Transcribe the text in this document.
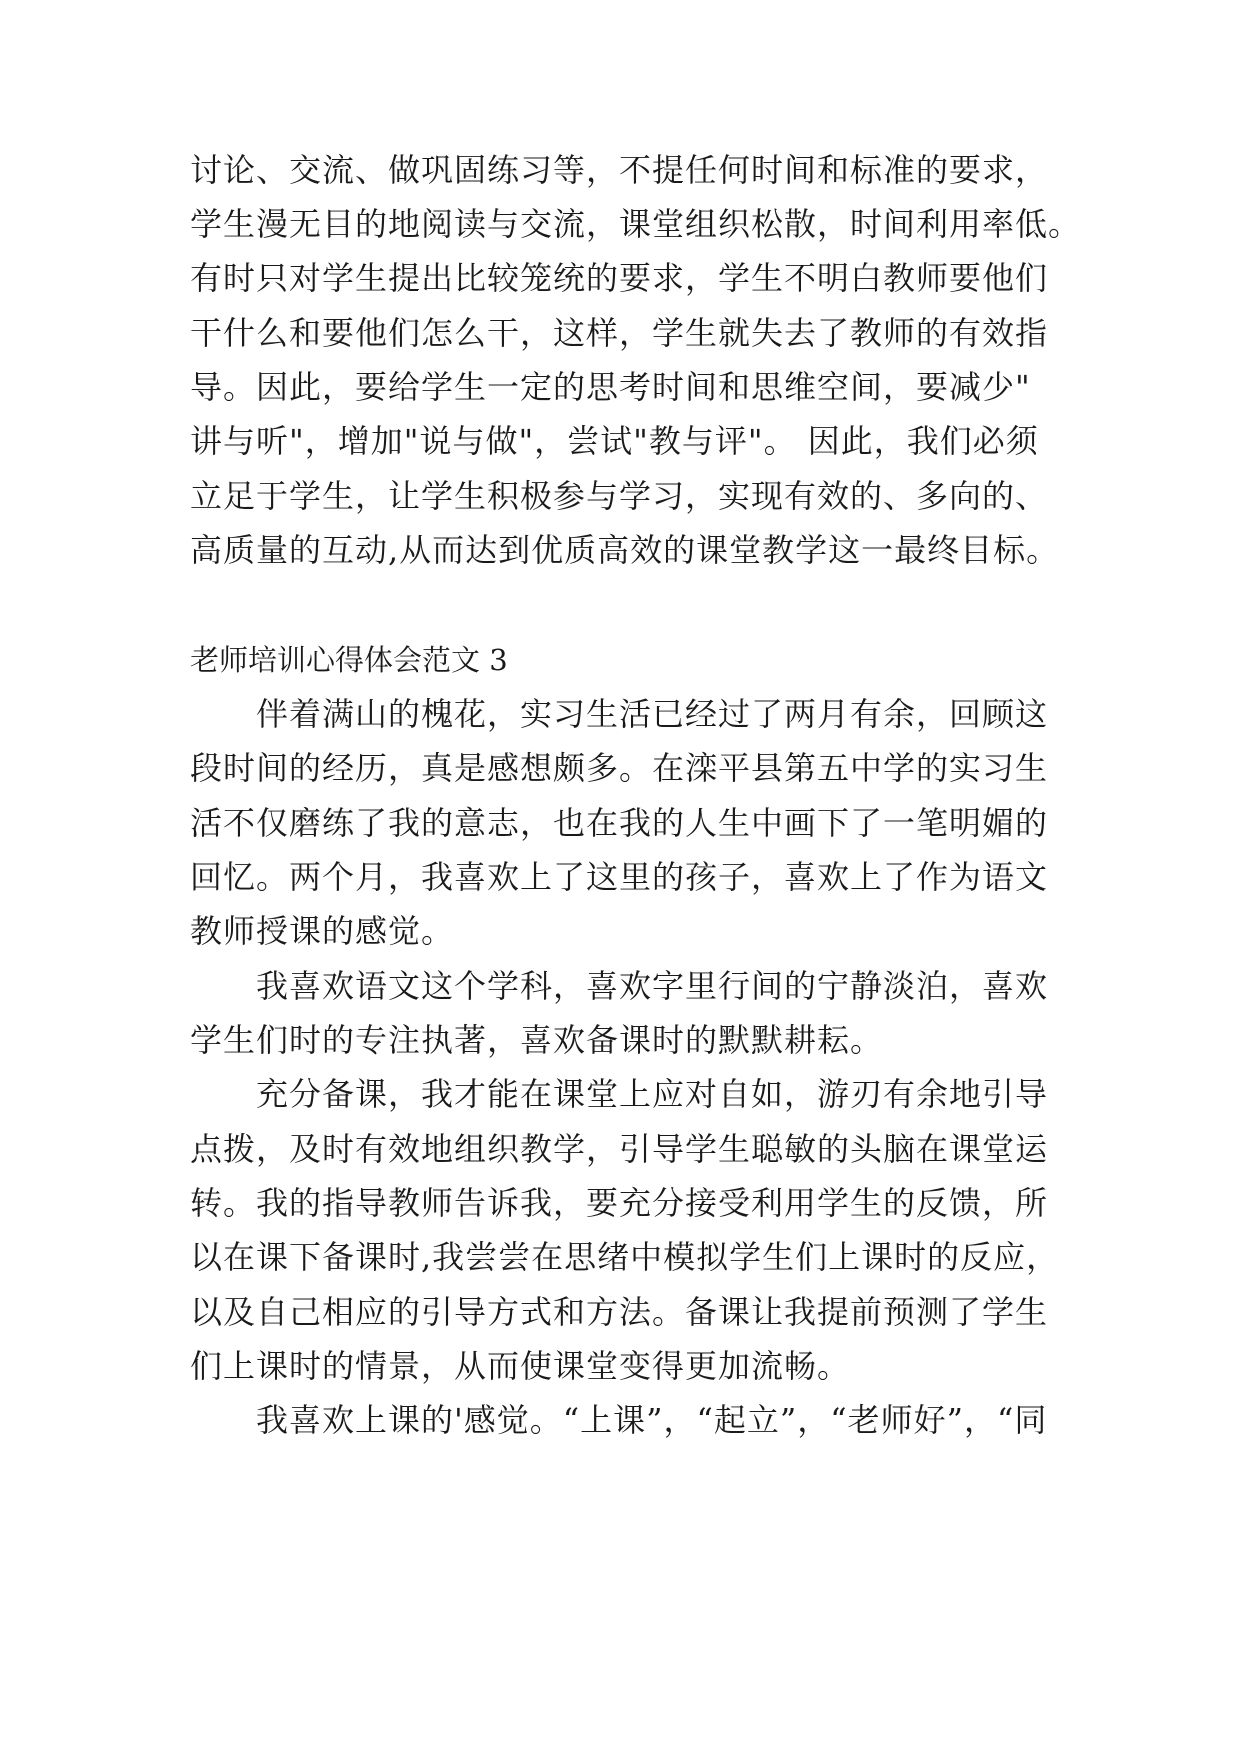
讨论、交流、做巩固练习等，不提任何时间和标准的要求，
学生漫无目的地阅读与交流，课堂组织松散，时间利用率低。
有时只对学生提出比较笼统的要求，学生不明白教师要他们
干什么和要他们怎么干，这样，学生就失去了教师的有效指
导。因此，要给学生一定的思考时间和思维空间，要减少"
讲与听"，增加"说与做"，尝试"教与评"。 因此，我们必须
立足于学生，让学生积极参与学习，实现有效的、多向的、
高质量的互动,从而达到优质高效的课堂教学这一最终目标。
老师培训心得体会范文 3
伴着满山的槐花，实习生活已经过了两月有余，回顾这
段时间的经历，真是感想颇多。在滦平县第五中学的实习生
活不仅磨练了我的意志，也在我的人生中画下了一笔明媚的
回忆。两个月，我喜欢上了这里的孩子，喜欢上了作为语文
教师授课的感觉。
我喜欢语文这个学科，喜欢字里行间的宁静淡泊，喜欢
学生们时的专注执著，喜欢备课时的默默耕耘。
充分备课，我才能在课堂上应对自如，游刃有余地引导
点拨，及时有效地组织教学，引导学生聪敏的头脑在课堂运
转。我的指导教师告诉我，要充分接受利用学生的反馈，所
以在课下备课时,我尝尝在思绪中模拟学生们上课时的反应，
以及自己相应的引导方式和方法。备课让我提前预测了学生
们上课时的情景，从而使课堂变得更加流畅。
我喜欢上课的'感觉。“上课”，“起立”，“老师好”，“同
